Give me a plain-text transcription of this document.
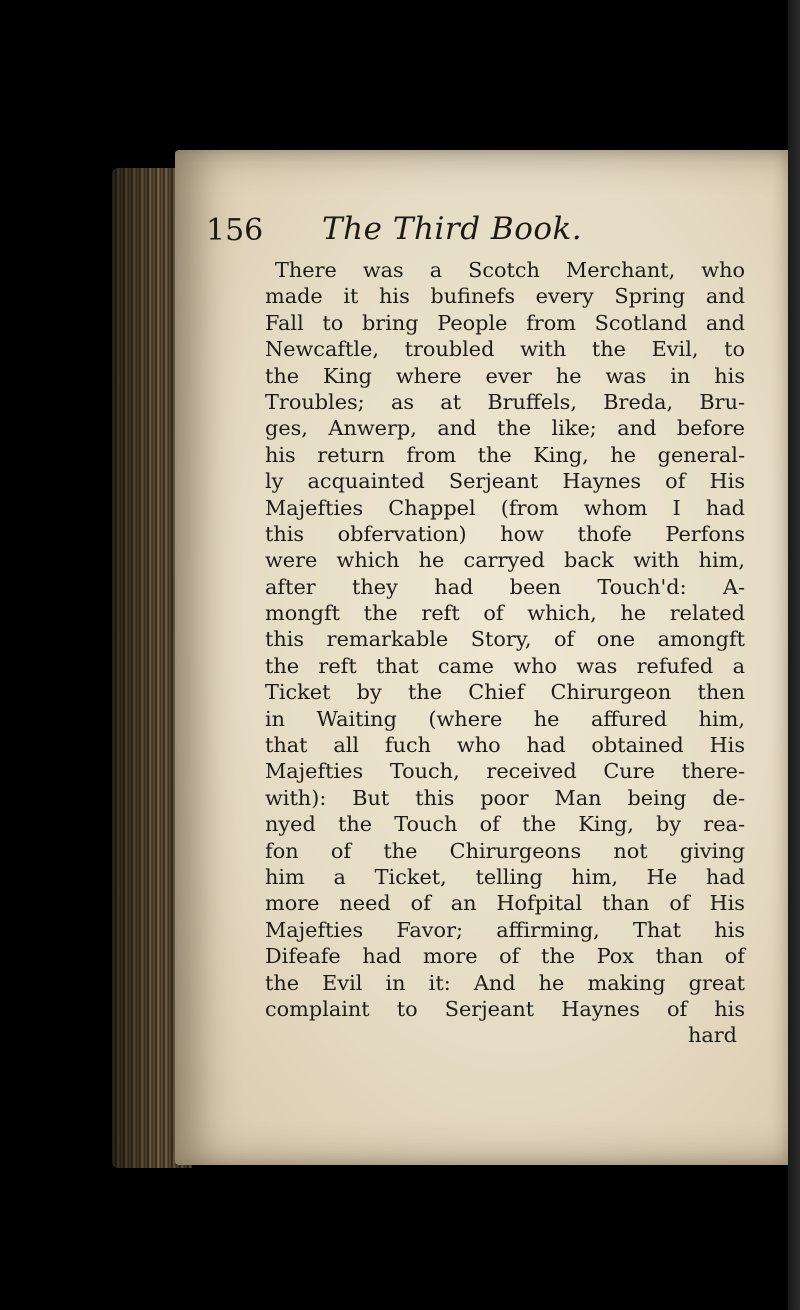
156 The Third Book.
There was a Scotch Merchant, who
made it his bufinefs every Spring and
Fall to bring People from Scotland and
Newcaftle, troubled with the Evil, to
the King where ever he was in his
Troubles; as at Bruffels, Breda, Bru-
ges, Anwerp, and the like; and before
his return from the King, he general-
ly acquainted Serjeant Haynes of His
Majefties Chappel (from whom I had
this obfervation) how thofe Perfons
were which he carryed back with him,
after they had been Touch'd: A-
mongft the reft of which, he related
this remarkable Story, of one amongft
the reft that came who was refufed a
Ticket by the Chief Chirurgeon then
in Waiting (where he affured him,
that all fuch who had obtained His
Majefties Touch, received Cure there-
with): But this poor Man being de-
nyed the Touch of the King, by rea-
fon of the Chirurgeons not giving
him a Ticket, telling him, He had
more need of an Hofpital than of His
Majefties Favor; affirming, That his
Difeafe had more of the Pox than of
the Evil in it: And he making great
complaint to Serjeant Haynes of his
hard
